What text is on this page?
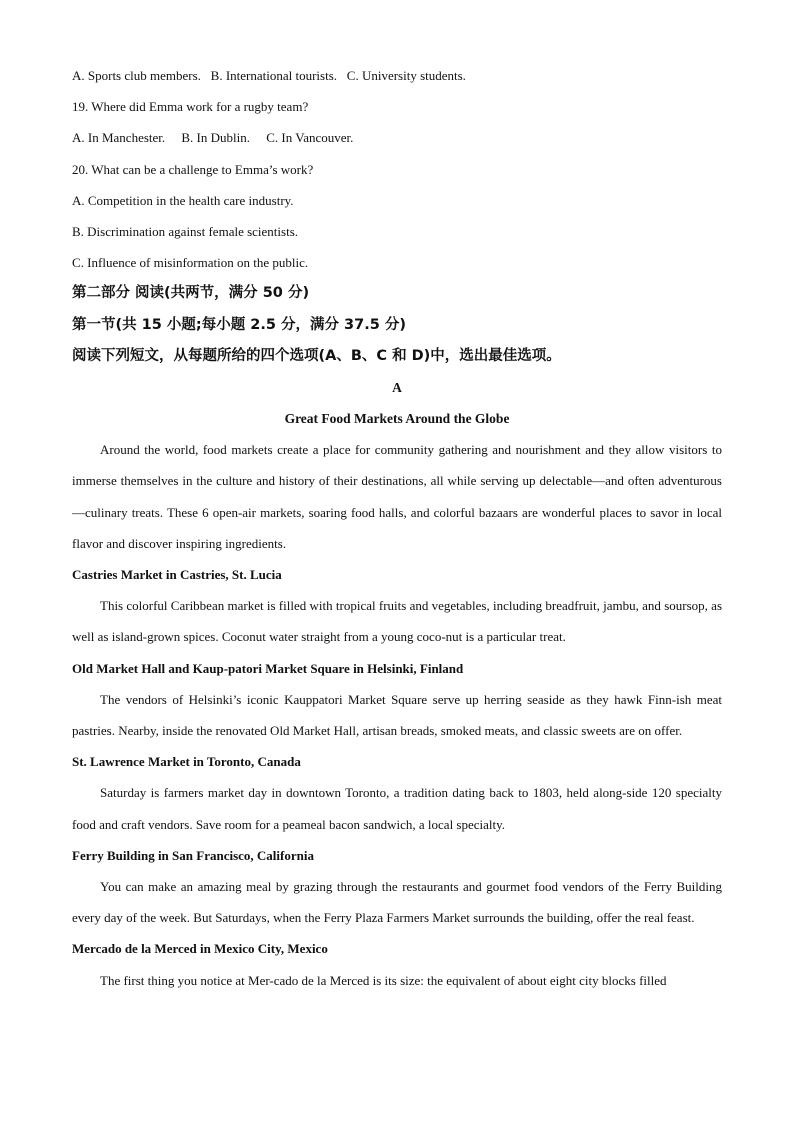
A. Sports club members.   B. International tourists.   C. University students.
19. Where did Emma work for a rugby team?
A. In Manchester.     B. In Dublin.     C. In Vancouver.
20. What can be a challenge to Emma’s work?
A. Competition in the health care industry.
B. Discrimination against female scientists.
C. Influence of misinformation on the public.
第二部分 阅读(共两节，满分 50 分)
第一节(共 15 小题;每小题 2.5 分，满分 37.5 分)
阅读下列短文，从每题所给的四个选项(A、B、C 和 D)中，选出最佳选项。
A
Great Food Markets Around the Globe
Around the world, food markets create a place for community gathering and nourishment and they allow visitors to immerse themselves in the culture and history of their destinations, all while serving up delectable—and often adventurous—culinary treats. These 6 open-air markets, soaring food halls, and colorful bazaars are wonderful places to savor in local flavor and discover inspiring ingredients.
Castries Market in Castries, St. Lucia
This colorful Caribbean market is filled with tropical fruits and vegetables, including breadfruit, jambu, and soursop, as well as island-grown spices. Coconut water straight from a young coco-nut is a particular treat.
Old Market Hall and Kaup-patori Market Square in Helsinki, Finland
The vendors of Helsinki’s iconic Kauppatori Market Square serve up herring seaside as they hawk Finn-ish meat pastries. Nearby, inside the renovated Old Market Hall, artisan breads, smoked meats, and classic sweets are on offer.
St. Lawrence Market in Toronto, Canada
Saturday is farmers market day in downtown Toronto, a tradition dating back to 1803, held along-side 120 specialty food and craft vendors. Save room for a peameal bacon sandwich, a local specialty.
Ferry Building in San Francisco, California
You can make an amazing meal by grazing through the restaurants and gourmet food vendors of the Ferry Building every day of the week. But Saturdays, when the Ferry Plaza Farmers Market surrounds the building, offer the real feast.
Mercado de la Merced in Mexico City, Mexico
The first thing you notice at Mer-cado de la Merced is its size: the equivalent of about eight city blocks filled
